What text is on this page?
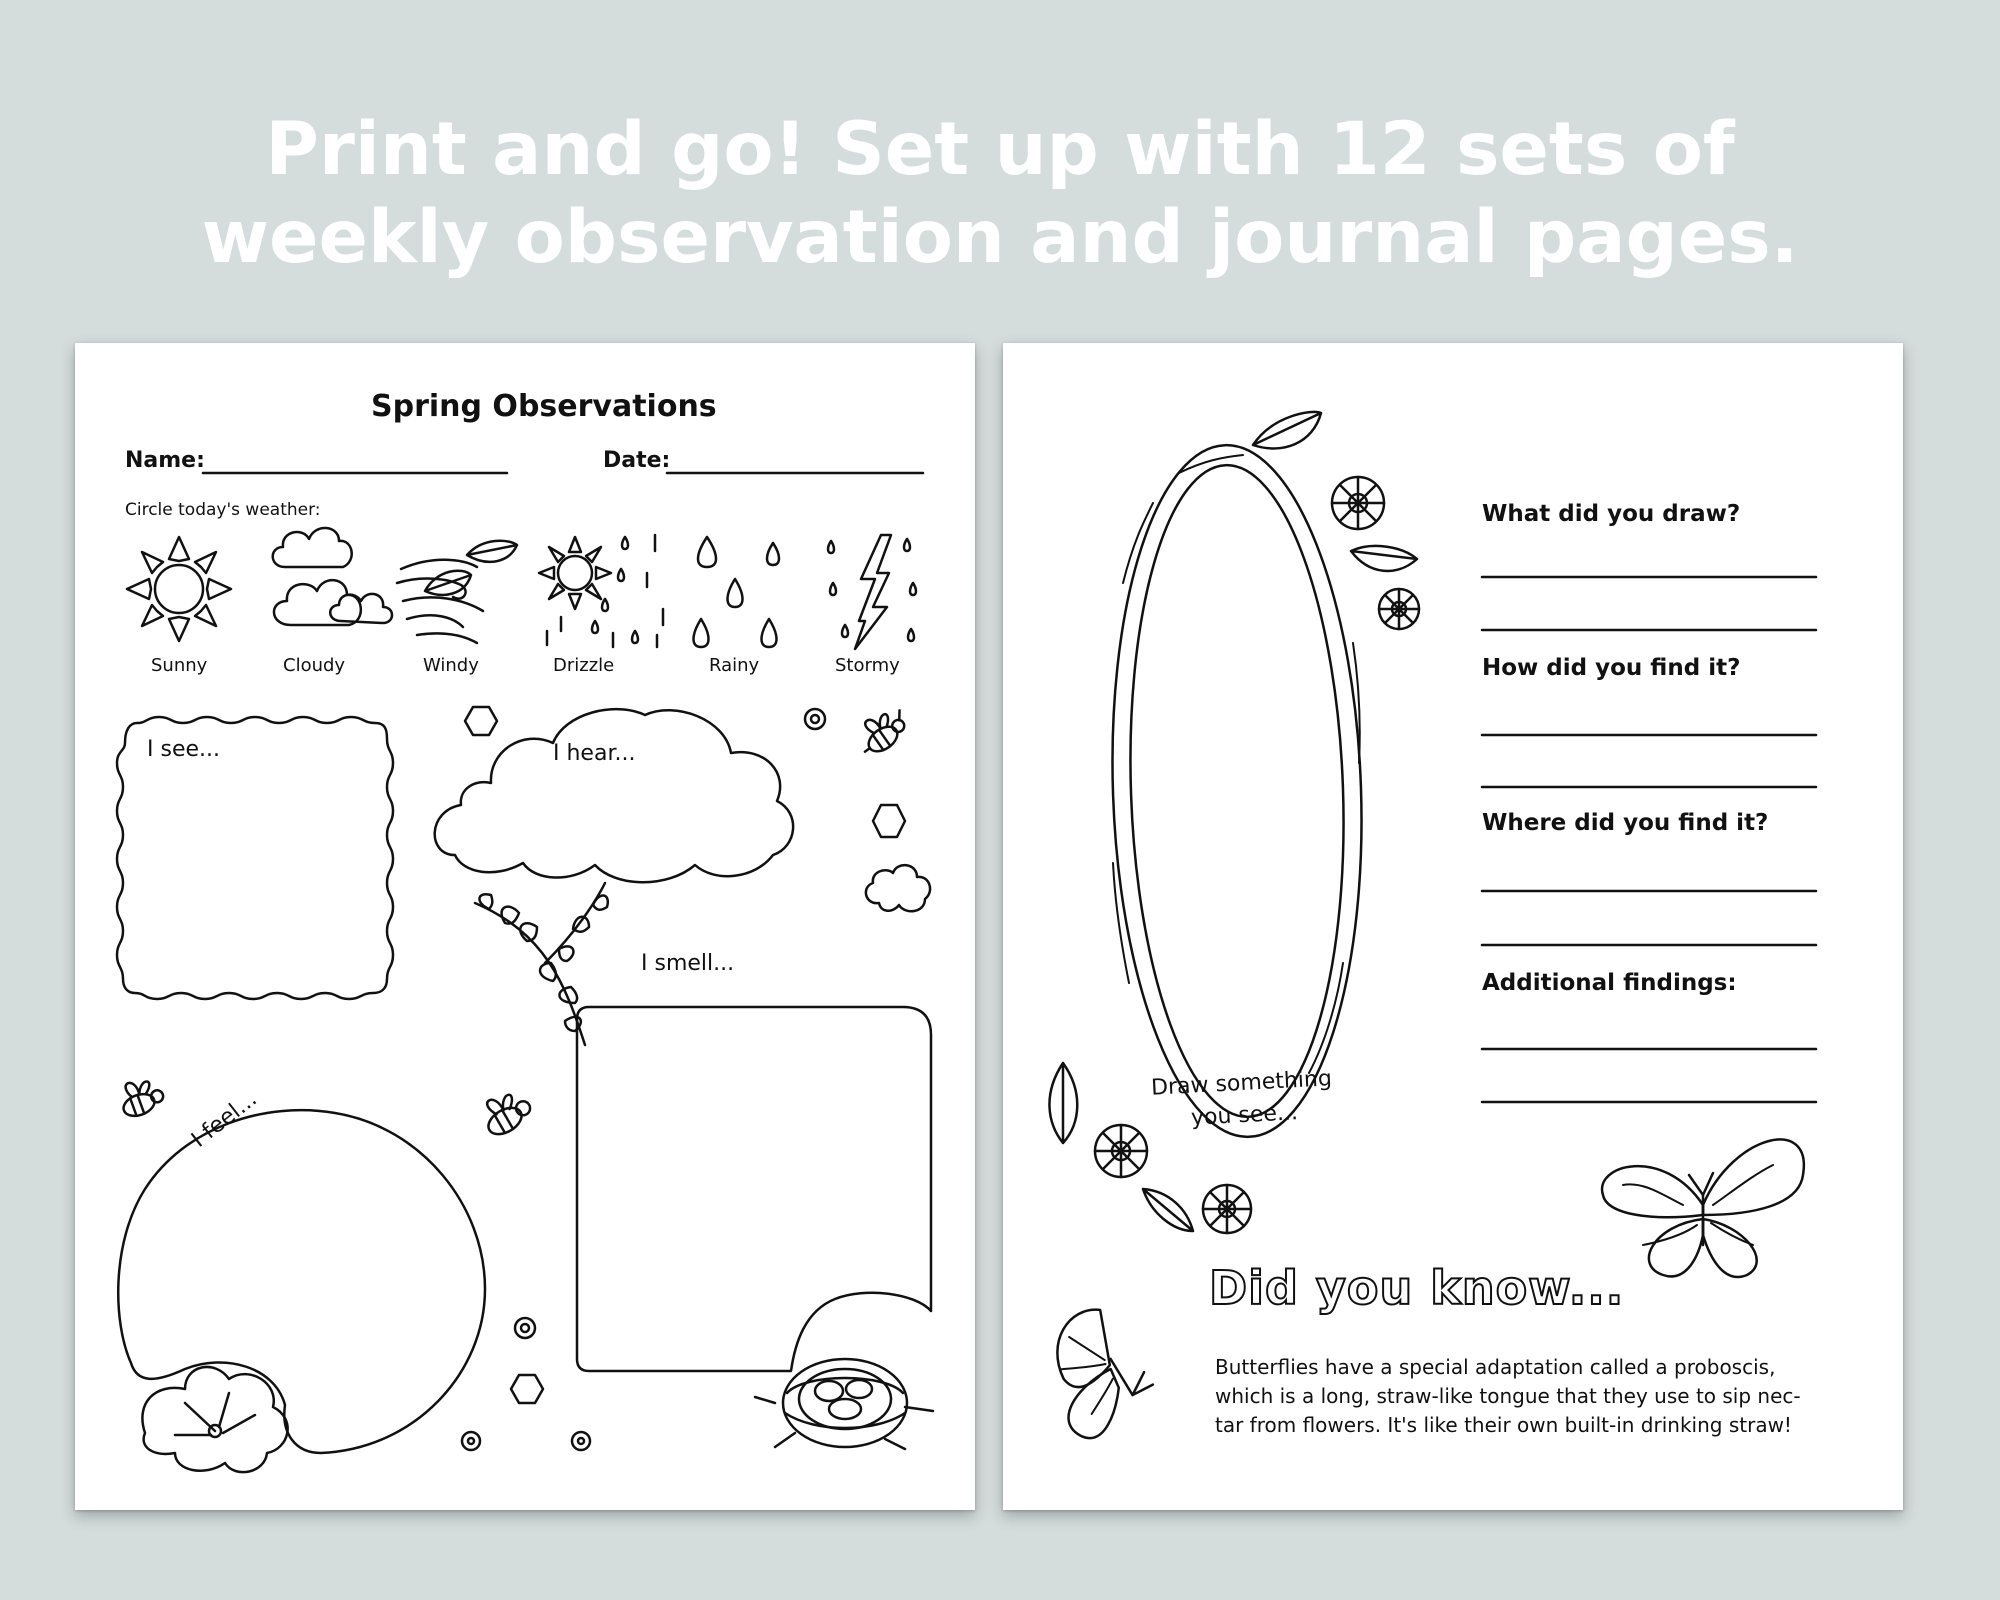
Print and go! Set up with 12 sets of
weekly observation and journal pages.
Spring Observations
Name:	Date:
Circle today's weather:
Sunny	Cloudy	Windy	Drizzle	Rainy	Stormy
I see...	I hear...
I smell...
I feel...
Draw something
you see...
What did you draw?
How did you find it?
Where did you find it?
Additional findings:
Did you know...
Butterflies have a special adaptation called a proboscis,
which is a long, straw-like tongue that they use to sip nec-
tar from flowers. It's like their own built-in drinking straw!
